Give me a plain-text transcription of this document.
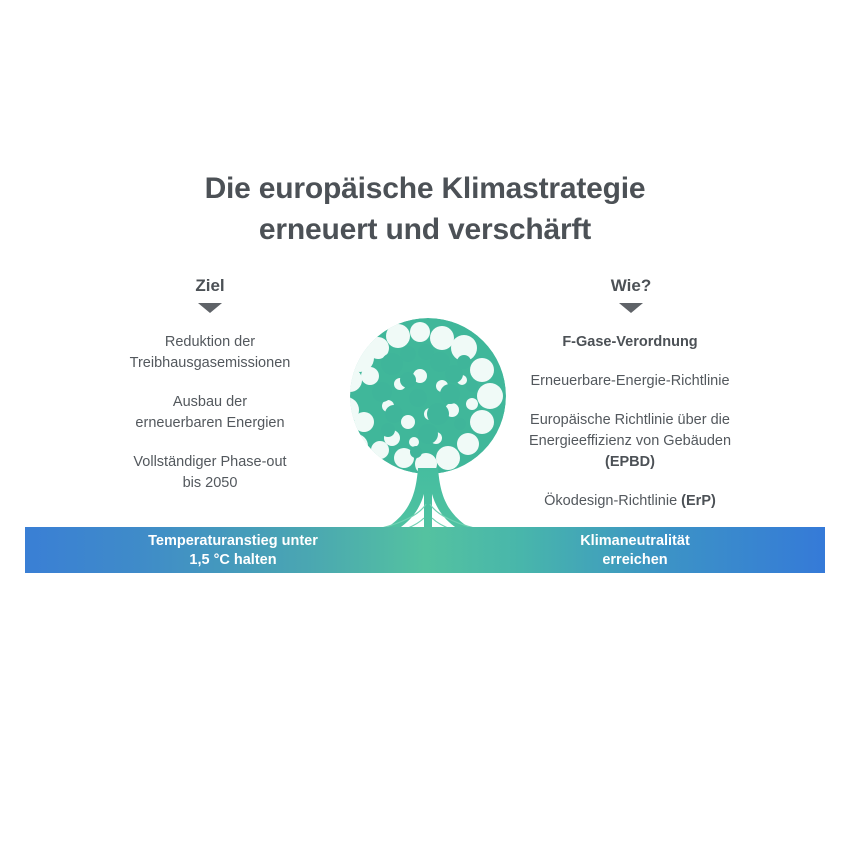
Die europäische Klimastrategie
erneuert und verschärft
Ziel	Wie?
Reduktion der
Treibhausgasemissionen
Ausbau der
erneuerbaren Energien
Vollständiger Phase-out
bis 2050
F-Gase-Verordnung
Erneuerbare-Energie-Richtlinie
Europäische Richtlinie über die
Energieeffizienz von Gebäuden
(EPBD)
Ökodesign-Richtlinie (ErP)
Temperaturanstieg unter
1,5 °C halten
Klimaneutralität
erreichen
